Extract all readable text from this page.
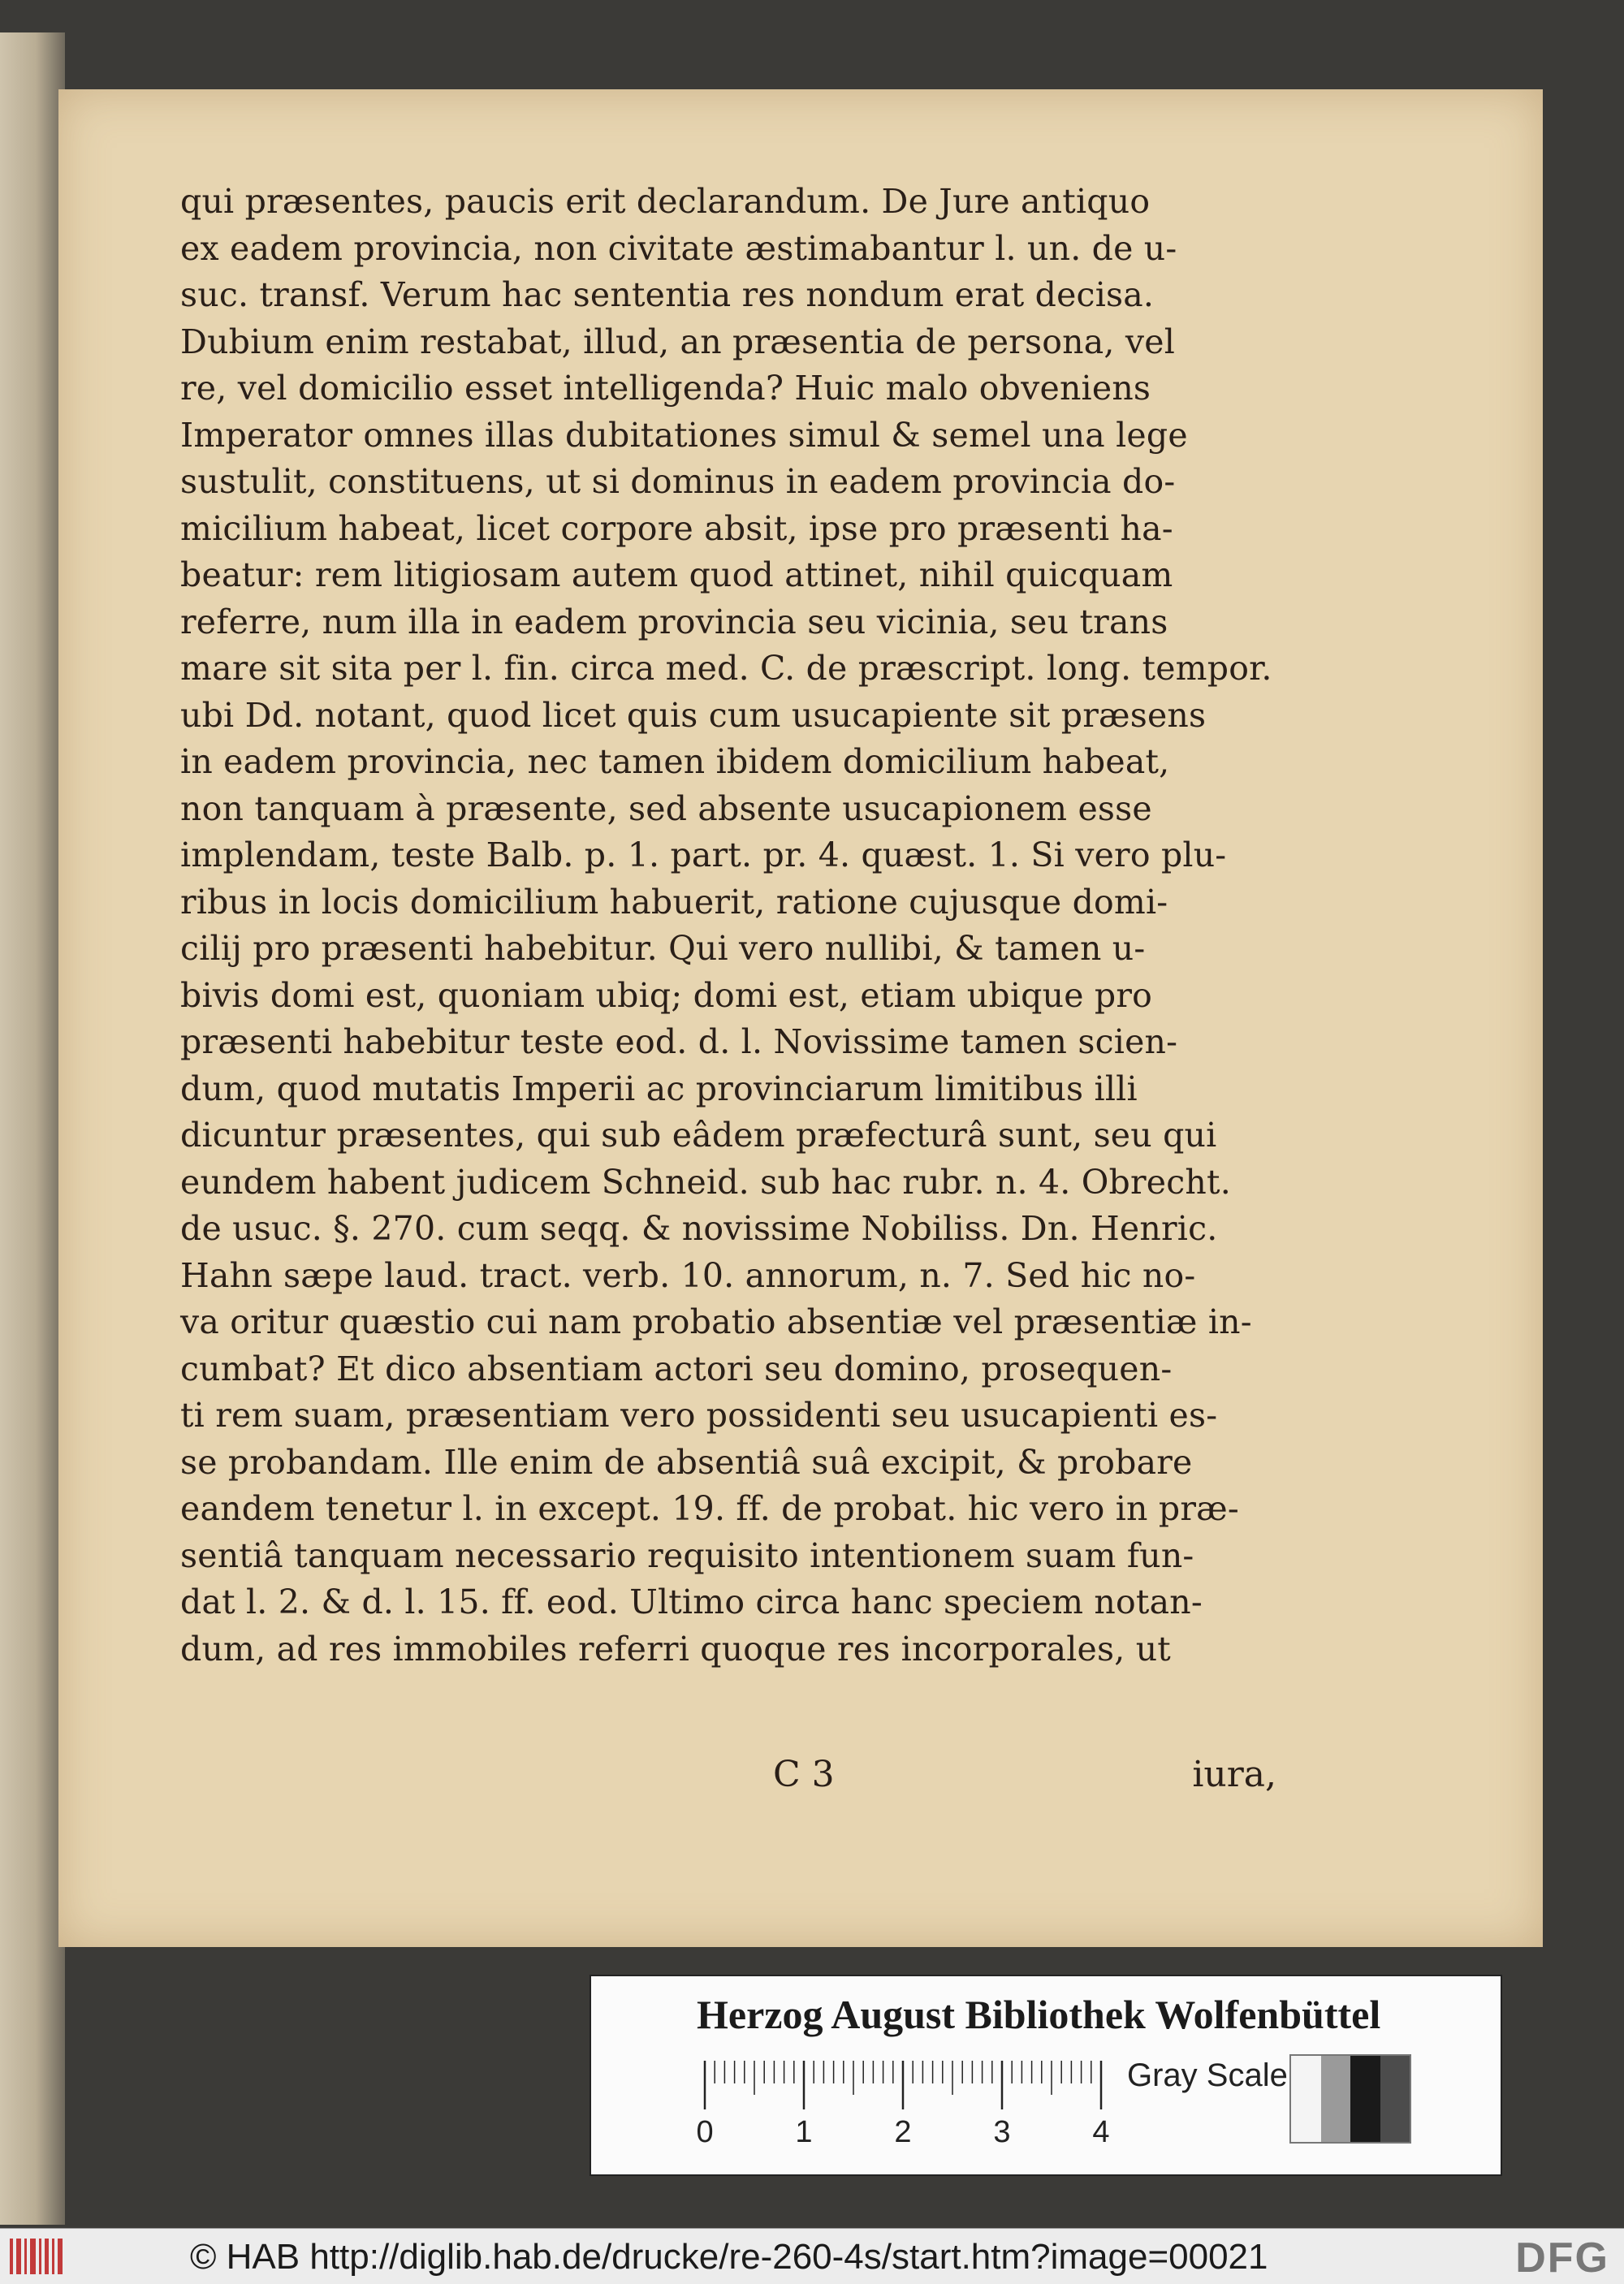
qui præsentes, paucis erit declarandum. De Jure antiquo
ex eadem provincia, non civitate æstimabantur l. un. de u-
suc. transf. Verum hac sententia res nondum erat decisa.
Dubium enim restabat, illud, an præsentia de persona, vel
re, vel domicilio esset intelligenda? Huic malo obveniens
Imperator omnes illas dubitationes simul & semel una lege
sustulit, constituens, ut si dominus in eadem provincia do-
micilium habeat, licet corpore absit, ipse pro præsenti ha-
beatur: rem litigiosam autem quod attinet, nihil quicquam
referre, num illa in eadem provincia seu vicinia, seu trans
mare sit sita per l. fin. circa med. C. de præscript. long. tempor.
ubi Dd. notant, quod licet quis cum usucapiente sit præsens
in eadem provincia, nec tamen ibidem domicilium habeat,
non tanquam à præsente, sed absente usucapionem esse
implendam, teste Balb. p. 1. part. pr. 4. quæst. 1. Si vero plu-
ribus in locis domicilium habuerit, ratione cujusque domi-
cilij pro præsenti habebitur. Qui vero nullibi, & tamen u-
bivis domi est, quoniam ubiq; domi est, etiam ubique pro
præsenti habebitur teste eod. d. l. Novissime tamen scien-
dum, quod mutatis Imperii ac provinciarum limitibus illi
dicuntur præsentes, qui sub eâdem præfecturâ sunt, seu qui
eundem habent judicem Schneid. sub hac rubr. n. 4. Obrecht.
de usuc. §. 270. cum seqq. & novissime Nobiliss. Dn. Henric.
Hahn sæpe laud. tract. verb. 10. annorum, n. 7. Sed hic no-
va oritur quæstio cui nam probatio absentiæ vel præsentiæ in-
cumbat? Et dico absentiam actori seu domino, prosequen-
ti rem suam, præsentiam vero possidenti seu usucapienti es-
se probandam. Ille enim de absentiâ suâ excipit, & probare
eandem tenetur l. in except. 19. ff. de probat. hic vero in præ-
sentiâ tanquam necessario requisito intentionem suam fun-
dat l. 2. & d. l. 15. ff. eod. Ultimo circa hanc speciem notan-
dum, ad res immobiles referri quoque res incorporales, ut
C 3	iura,
Herzog August Bibliothek Wolfenbüttel
0	1	2	3	4
Gray Scale
© HAB http://diglib.hab.de/drucke/re-260-4s/start.htm?image=00021	DFG
